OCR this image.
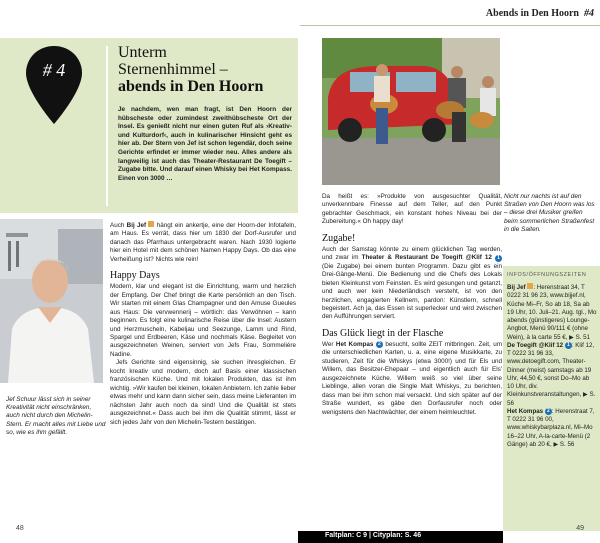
Abends in Den Hoorn #4
# 4
Unterm
Sternenhimmel –
abends in Den Hoorn
Je nachdem, wen man fragt, ist Den Hoorn der hübscheste oder zumindest zweithübscheste Ort der Insel. Es genießt nicht nur einen guten Ruf als ›Kreativ- und Kulturdorf‹, auch in kulinarischer Hinsicht geht es hier ab. Der Stern von Jef ist schon legendär, doch seine Gerichte erfindet er immer wieder neu. Alles andere als langweilig ist auch das Theater-Restaurant De Toegift – Zugabe bitte. Und darauf einen Whisky bei Het Kompass. Einen von 3000 …
Jef Schuur lässt sich in seiner Kreativität nicht einschränken, auch nicht durch den Michelin-Stern. Er macht alles mit Liebe und so, wie es ihm gefällt.

Auch Bij Jef  hängt ein ankertje, eine der Hoorn-der Infotafeln, am Haus. Es verrät, dass hier um 1830 der Dorf-Ausrufer und danach das Pfarrhaus untergebracht waren. Nach 1930 logierte hier ein Hotel mit dem schönen Namen Happy Days. Ob das eine Verheißung ist? Nichts wie rein!

Happy Days

Modern, klar und elegant ist die Einrichtung, warm und herzlich der Empfang. Der Chef bringt die Karte persönlich an den Tisch. Wir starten mit einem Glas Champagner und den Amuse Gueules aus Haus: Die vervwennerij – wörtlich: das Verwöhnen – kann beginnen. Es folgt eine kulinarische Reise über die Insel: Austern und Herzmuscheln, Kabeljau und Seezunge, Lamm und Rind, Spargel und Erdbeeren, Käse und nochmals Käse. Begleitet von ausgezeichneten Weinen, serviert von Jefs Frau, Sommelière Nadine.

Jefs Gerichte sind eigensinnig, sie suchen ihresgleichen. Er kocht kreativ und modern, doch auf Basis einer klassischen französischen Küche. Und mit lokalen Produkten, das ist ihm wichtig. »Wir kaufen bei kleinen, lokalen Anbietern. Ich zahle lieber etwas mehr und kann dann sicher sein, dass meine Lieferanten im nächsten Jahr auch noch da sind! Und die Qualität ist stets ausgezeichnet.« Dass auch bei ihm die Qualität stimmt, lässt er sich jedes Jahr von den Michelin-Testern bestätigen.

Nicht nur nachts ist auf den Straßen von Den Hoorn was los – diese drei Musiker greifen beim sommerlichen Straßenfest in die Saiten.

Da heißt es: »Produkte von ausgesuchter Qualität, unverkennbare Finesse auf dem Teller, auf den Punkt gebrachter Geschmack, ein konstant hohes Niveau bei der Zubereitung.« Oh happy day!

Zugabe!

Auch der Samstag könnte zu einem glücklichen Tag werden, und zwar im Theater & Restaurant De Toegift @Klif 12 1 (Die Zugabe) bei einem bunten Programm. Dazu gibt es ein Drei-Gänge-Menü. Die Bedienung und die Chefs des Lokals bieten Kleinkunst vom Feinsten. Es wird gesungen und getanzt, und auch wer kein Niederländisch versteht, ist von den herzlichen, engagierten Kellnern, pardon: Künstlern, schnell begeistert. Ach ja, das Essen ist superlecker und wird zwischen den Aufführungen serviert.

Das Glück liegt in der Flasche

Wer Het Kompas 2 besucht, sollte ZEIT mitbringen. Zeit, um die unterschiedlichen Karten, u. a. eine eigene Musikkarte, zu studieren, Zeit für die Whiskys (etwa 3000!) und für Els und Willem, das Besitzer-Ehepaar – und eigentlich auch für Els' ausgezeichnete Küche. Willem weiß so viel über seine Lieblinge, allen voran die Single Malt Whiskys, zu berichten, dass man bei ihm schon mal versackt. Und sich später auf der Straße wundert, es gäbe den Dorfausrufer noch oder wenigstens den Nachtwächter, der einem heimleuchtet.

INFOS/ÖFFNUNGSZEITEN
Bij Jef : Herenstraat 34, T 0222 31 96 23, www.bijjef.nl, Küche Mi–Fr, So ab 18, Sa ab 19 Uhr, 10. Juli–21. Aug. tgl., Mo abends (günstigeres) Lounge-Angbot, Menü 90/111 € (ohne Wein), à la carte 55 €, ▶ S. 51
De Toegift @Klif 12 1 : Klif 12, T 0222 31 96 33, www.detoegift.com, Theater-Dinner (meist) samstags ab 19 Uhr, 44,50 €, sonst Do–Mo ab 10 Uhr, div. Kleinkunstveranstaltungen, ▶ S. 56
Het Kompas 2 : Herenstraat 7, T 0222 31 96 00, www.whiskybarplaza.nl, Mi–Mo 16–22 Uhr, A-la-carte-Menü (2 Gänge) ab 20 €, ▶ S. 56
Faltplan: C 9 | Cityplan: S. 46
48	49
